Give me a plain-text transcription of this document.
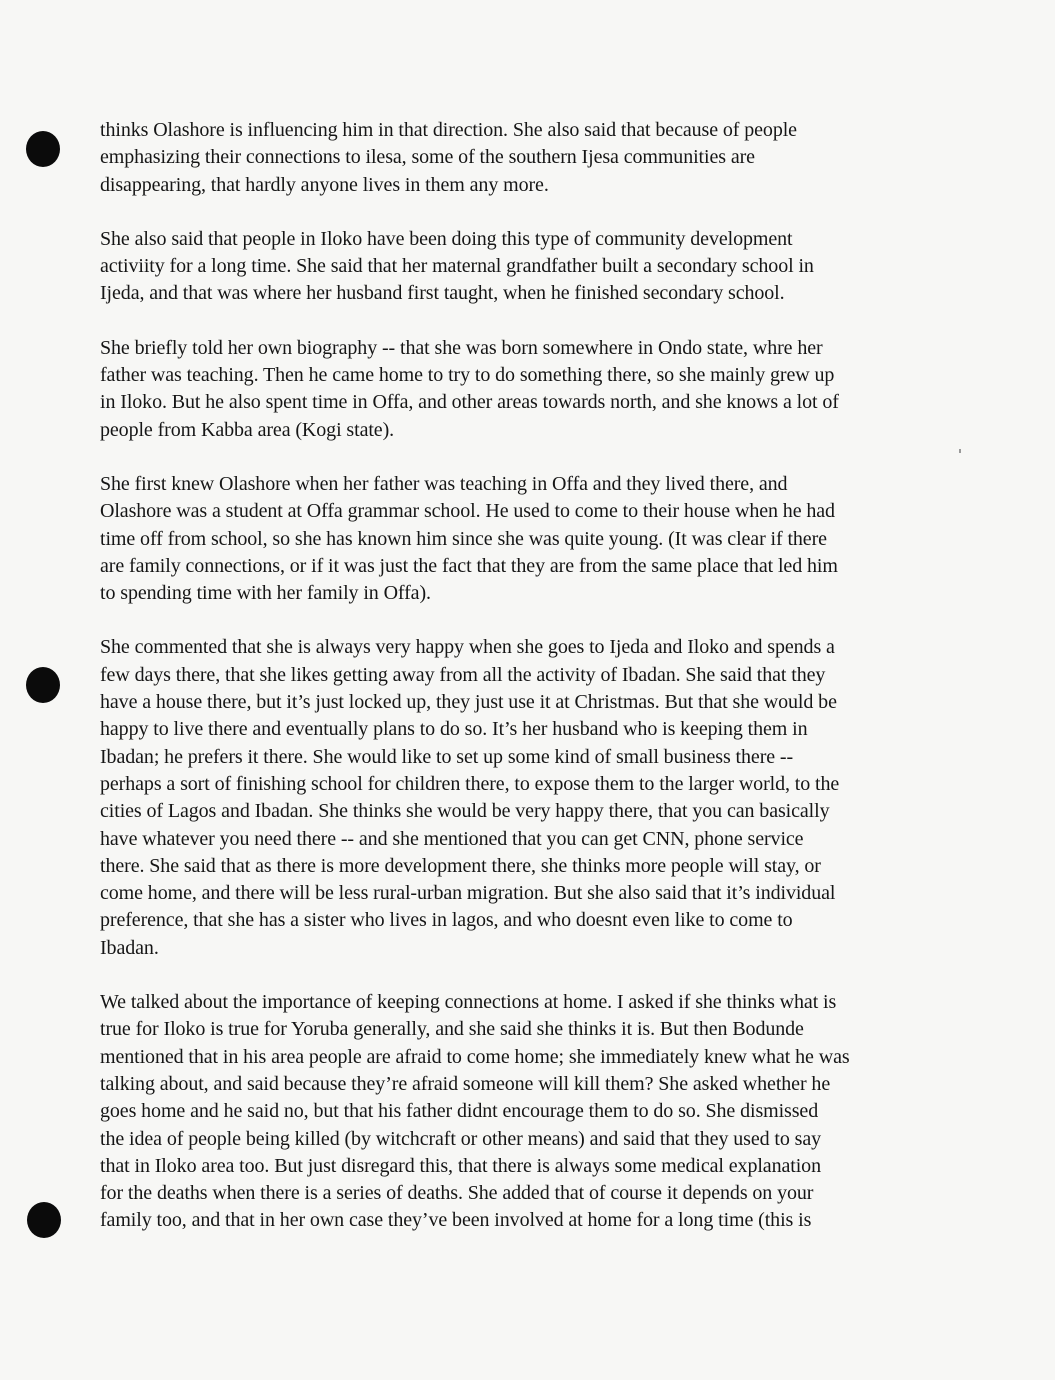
thinks Olashore is influencing him in that direction. She also said that because of people
emphasizing their connections to ilesa, some of the southern Ijesa communities are
disappearing, that hardly anyone lives in them any more.
She also said that people in Iloko have been doing this type of community development
activiity for a long time. She said that her maternal grandfather built a secondary school in
Ijeda, and that was where her husband first taught, when he finished secondary school.
She briefly told her own biography -- that she was born somewhere in Ondo state, whre her
father was teaching. Then he came home to try to do something there, so she mainly grew up
in Iloko. But he also spent time in Offa, and other areas towards north, and she knows a lot of
people from Kabba area (Kogi state).
She first knew Olashore when her father was teaching in Offa and they lived there, and
Olashore was a student at Offa grammar school. He used to come to their house when he had
time off from school, so she has known him since she was quite young. (It was clear if there
are family connections, or if it was just the fact that they are from the same place that led him
to spending time with her family in Offa).
She commented that she is always very happy when she goes to Ijeda and Iloko and spends a
few days there, that she likes getting away from all the activity of Ibadan. She said that they
have a house there, but it’s just locked up, they just use it at Christmas. But that she would be
happy to live there and eventually plans to do so. It’s her husband who is keeping them in
Ibadan; he prefers it there. She would like to set up some kind of small business there --
perhaps a sort of finishing school for children there, to expose them to the larger world, to the
cities of Lagos and Ibadan. She thinks she would be very happy there, that you can basically
have whatever you need there -- and she mentioned that you can get CNN, phone service
there. She said that as there is more development there, she thinks more people will stay, or
come home, and there will be less rural-urban migration. But she also said that it’s individual
preference, that she has a sister who lives in lagos, and who doesnt even like to come to
Ibadan.
We talked about the importance of keeping connections at home. I asked if she thinks what is
true for Iloko is true for Yoruba generally, and she said she thinks it is. But then Bodunde
mentioned that in his area people are afraid to come home; she immediately knew what he was
talking about, and said because they’re afraid someone will kill them? She asked whether he
goes home and he said no, but that his father didnt encourage them to do so. She dismissed
the idea of people being killed (by witchcraft or other means) and said that they used to say
that in Iloko area too. But just disregard this, that there is always some medical explanation
for the deaths when there is a series of deaths. She added that of course it depends on your
family too, and that in her own case they’ve been involved at home for a long time (this is
